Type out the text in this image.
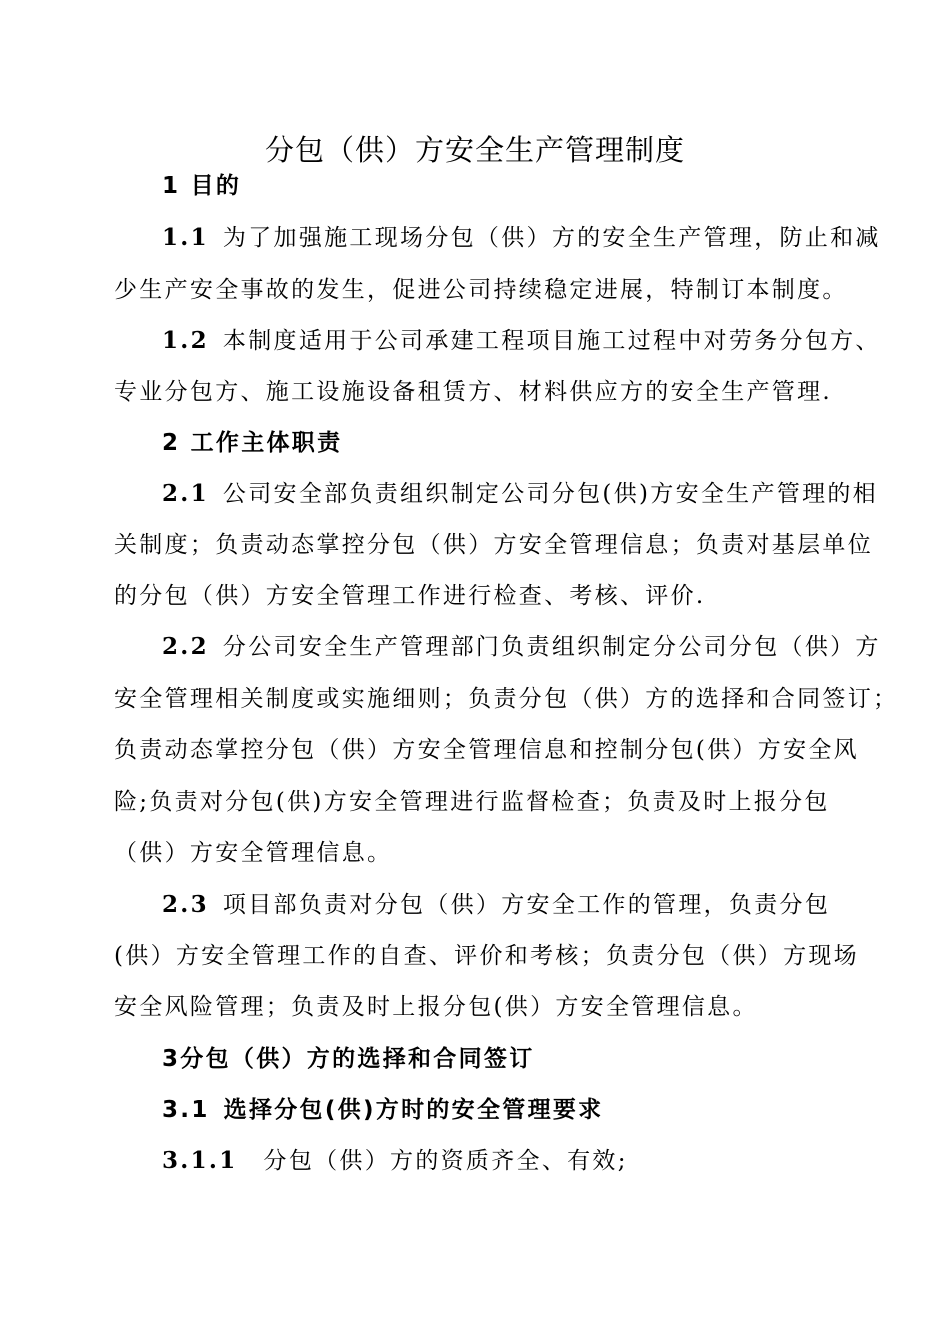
分包（供）方安全生产管理制度
1 目的
1.1 为了加强施工现场分包（供）方的安全生产管理，防止和减
少生产安全事故的发生，促进公司持续稳定进展，特制订本制度。
1.2 本制度适用于公司承建工程项目施工过程中对劳务分包方、
专业分包方、施工设施设备租赁方、材料供应方的安全生产管理.
2 工作主体职责
2.1 公司安全部负责组织制定公司分包(供)方安全生产管理的相
关制度；负责动态掌控分包（供）方安全管理信息；负责对基层单位
的分包（供）方安全管理工作进行检查、考核、评价.
2.2 分公司安全生产管理部门负责组织制定分公司分包（供）方
安全管理相关制度或实施细则；负责分包（供）方的选择和合同签订；
负责动态掌控分包（供）方安全管理信息和控制分包(供）方安全风
险;负责对分包(供)方安全管理进行监督检查；负责及时上报分包
（供）方安全管理信息。
2.3 项目部负责对分包（供）方安全工作的管理，负责分包
(供）方安全管理工作的自查、评价和考核；负责分包（供）方现场
安全风险管理；负责及时上报分包(供）方安全管理信息。
3分包（供）方的选择和合同签订
3.1 选择分包(供)方时的安全管理要求
3.1.1 分包（供）方的资质齐全、有效;
